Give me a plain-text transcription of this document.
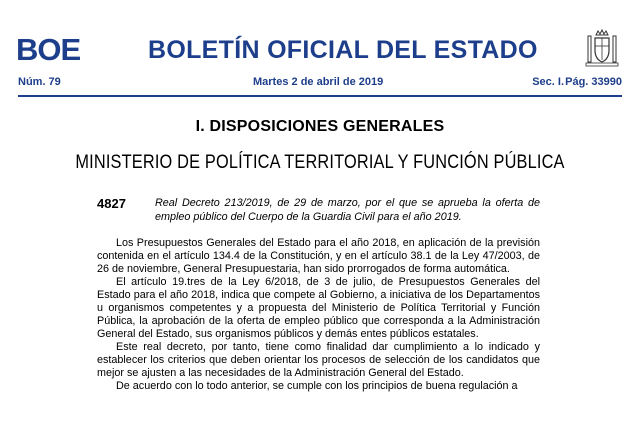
BOE	BOLETÍN OFICIAL DEL ESTADO
Núm. 79	Martes 2 de abril de 2019	Sec. I. Pág. 33990
I. DISPOSICIONES GENERALES
MINISTERIO DE POLÍTICA TERRITORIAL Y FUNCIÓN PÚBLICA
4827	Real Decreto 213/2019, de 29 de marzo, por el que se aprueba la oferta de empleo público del Cuerpo de la Guardia Civil para el año 2019.

Los Presupuestos Generales del Estado para el año 2018, en aplicación de la previsión contenida en el artículo 134.4 de la Constitución, y en el artículo 38.1 de la Ley 47/2003, de 26 de noviembre, General Presupuestaria, han sido prorrogados de forma automática.

El artículo 19.tres de la Ley 6/2018, de 3 de julio, de Presupuestos Generales del Estado para el año 2018, indica que compete al Gobierno, a iniciativa de los Departamentos u organismos competentes y a propuesta del Ministerio de Política Territorial y Función Pública, la aprobación de la oferta de empleo público que corresponda a la Administración General del Estado, sus organismos públicos y demás entes públicos estatales.

Este real decreto, por tanto, tiene como finalidad dar cumplimiento a lo indicado y establecer los criterios que deben orientar los procesos de selección de los candidatos que mejor se ajusten a las necesidades de la Administración General del Estado.

De acuerdo con lo todo anterior, se cumple con los principios de buena regulación a
